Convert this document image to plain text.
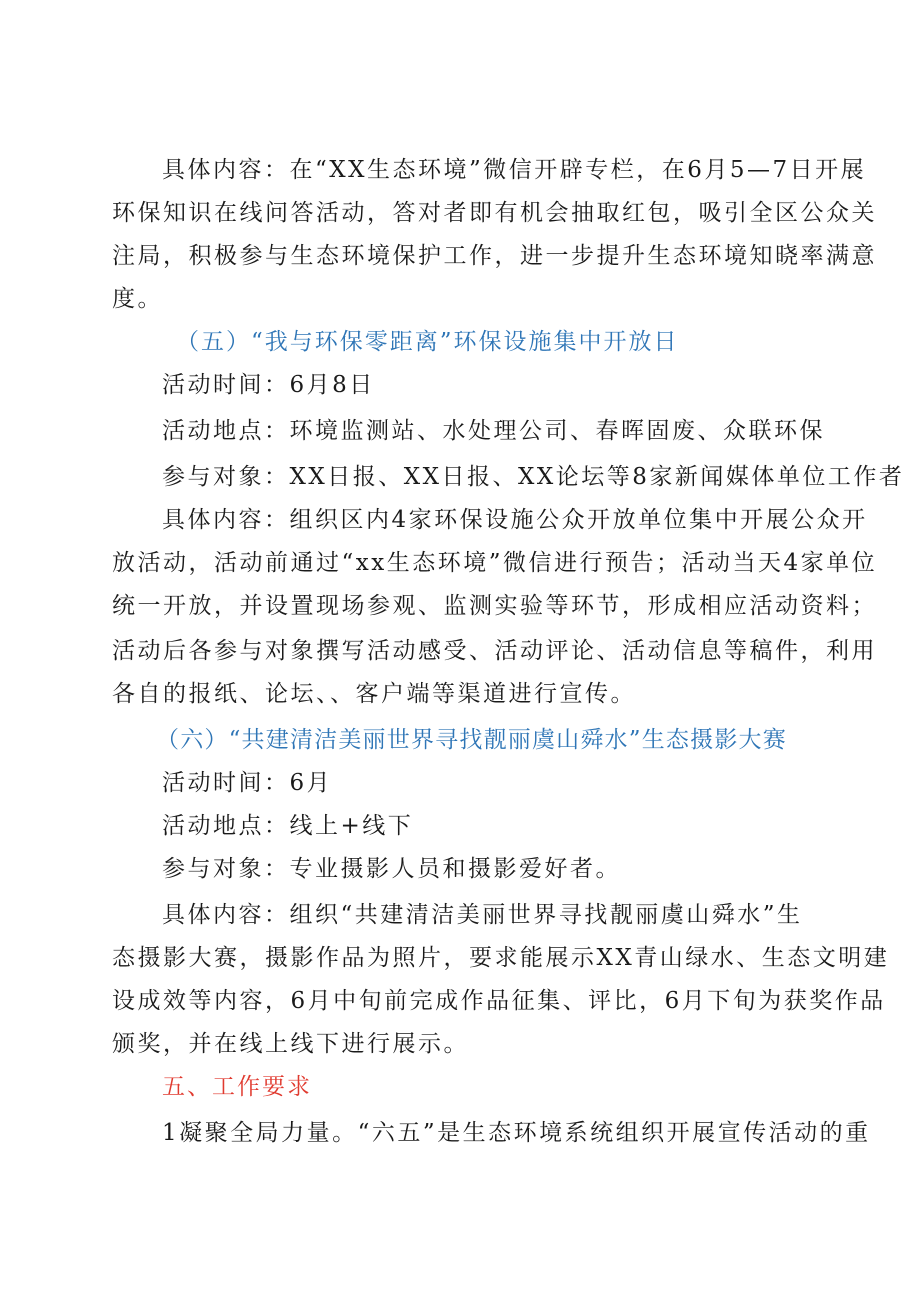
具体内容：在“XX生态环境”微信开辟专栏，在6月5—7日开展
环保知识在线问答活动，答对者即有机会抽取红包，吸引全区公众关
注局，积极参与生态环境保护工作，进一步提升生态环境知晓率满意
度。
（五）“我与环保零距离”环保设施集中开放日
活动时间：6月8日
活动地点：环境监测站、水处理公司、春晖固废、众联环保
参与对象：XX日报、XX日报、XX论坛等8家新闻媒体单位工作者
具体内容：组织区内4家环保设施公众开放单位集中开展公众开
放活动，活动前通过“xx生态环境”微信进行预告；活动当天4家单位
统一开放，并设置现场参观、监测实验等环节，形成相应活动资料；
活动后各参与对象撰写活动感受、活动评论、活动信息等稿件，利用
各自的报纸、论坛、、客户端等渠道进行宣传。
（六）“共建清洁美丽世界寻找靓丽虞山舜水”生态摄影大赛
活动时间：6月
活动地点：线上+线下
参与对象：专业摄影人员和摄影爱好者。
具体内容：组织“共建清洁美丽世界寻找靓丽虞山舜水”生
态摄影大赛，摄影作品为照片，要求能展示XX青山绿水、生态文明建
设成效等内容，6月中旬前完成作品征集、评比，6月下旬为获奖作品
颁奖，并在线上线下进行展示。
五、工作要求
1凝聚全局力量。“六五”是生态环境系统组织开展宣传活动的重
